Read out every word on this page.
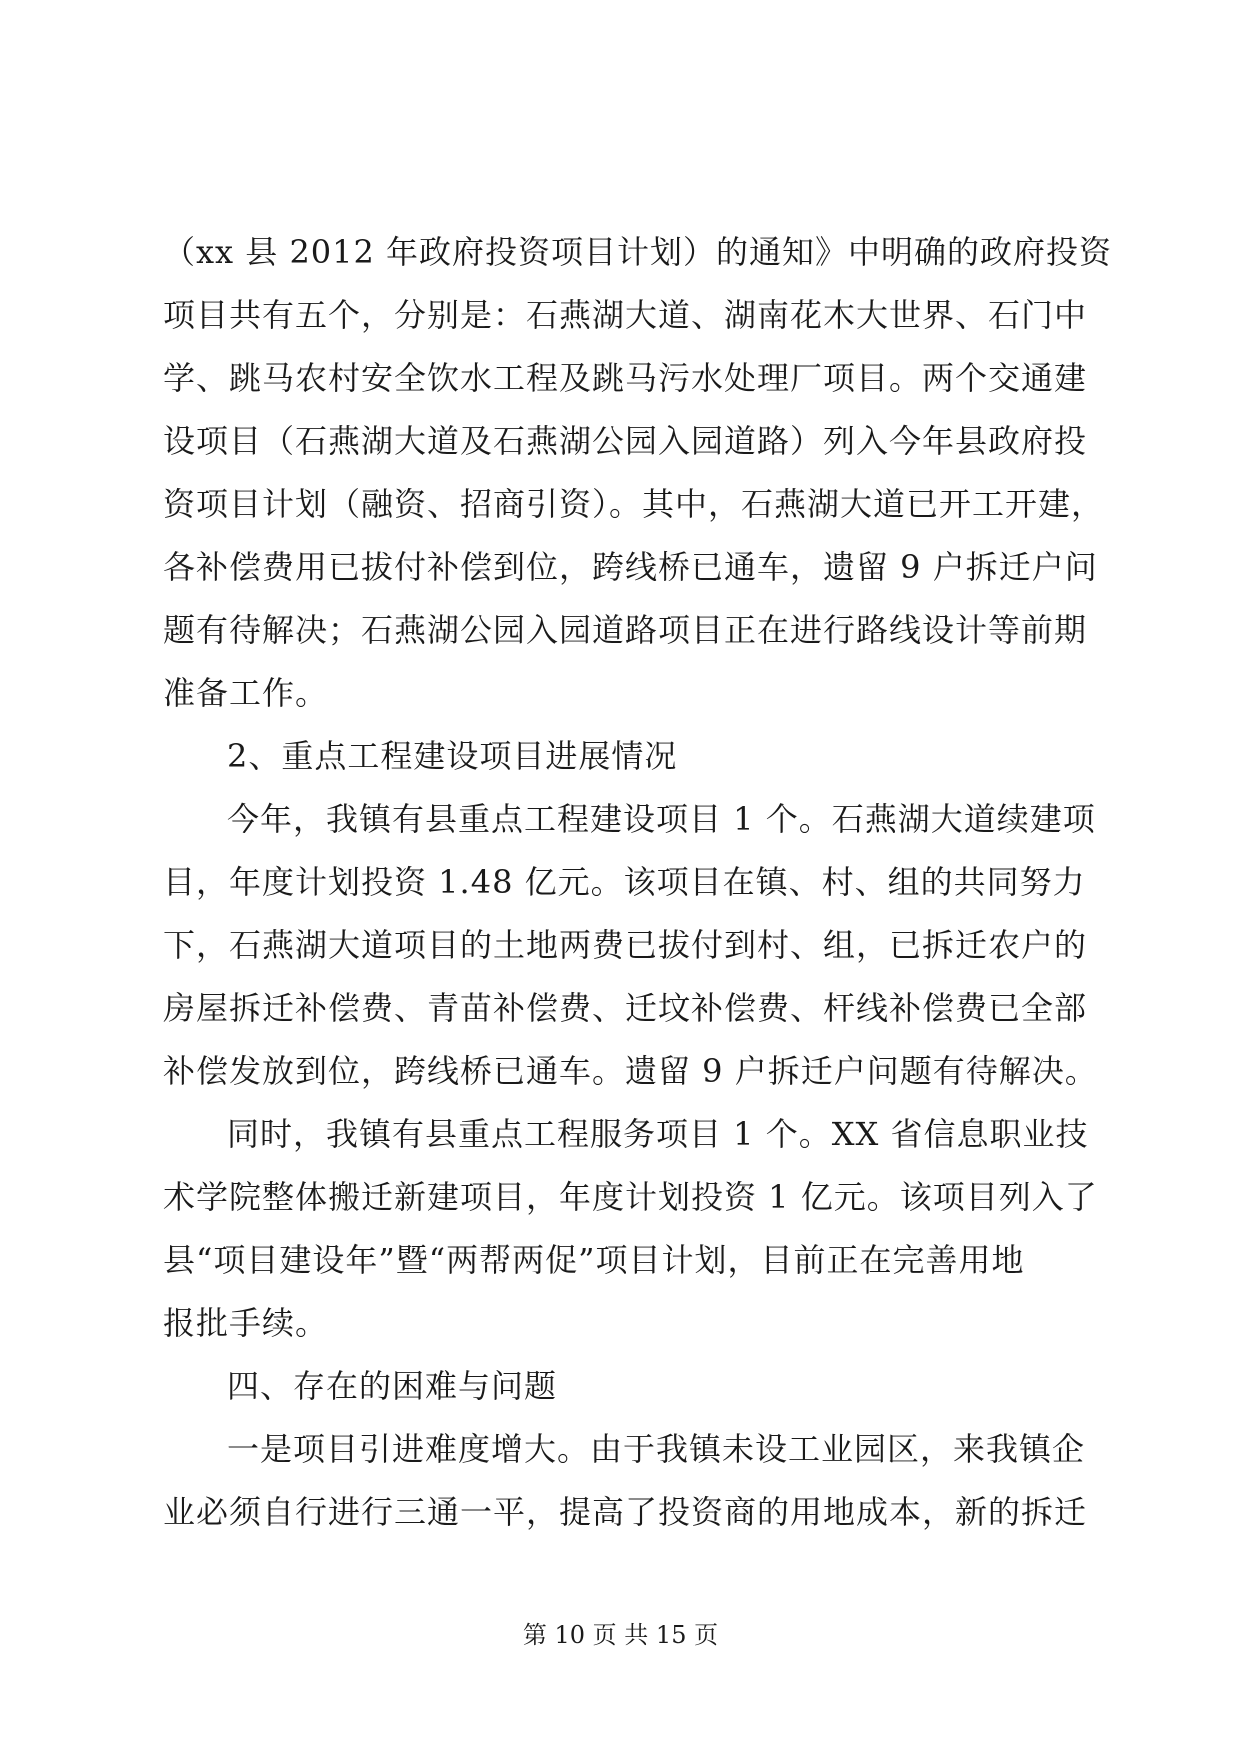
（xx 县 2012 年政府投资项目计划）的通知》中明确的政府投资
项目共有五个，分别是：石燕湖大道、湖南花木大世界、石门中
学、跳马农村安全饮水工程及跳马污水处理厂项目。两个交通建
设项目（石燕湖大道及石燕湖公园入园道路）列入今年县政府投
资项目计划（融资、招商引资）。其中，石燕湖大道已开工开建，
各补偿费用已拔付补偿到位，跨线桥已通车，遗留 9 户拆迁户问
题有待解决；石燕湖公园入园道路项目正在进行路线设计等前期
准备工作。
2、重点工程建设项目进展情况
今年，我镇有县重点工程建设项目 1 个。石燕湖大道续建项
目，年度计划投资 1.48 亿元。该项目在镇、村、组的共同努力
下，石燕湖大道项目的土地两费已拔付到村、组，已拆迁农户的
房屋拆迁补偿费、青苗补偿费、迁坟补偿费、杆线补偿费已全部
补偿发放到位，跨线桥已通车。遗留 9 户拆迁户问题有待解决。
同时，我镇有县重点工程服务项目 1 个。XX 省信息职业技
术学院整体搬迁新建项目，年度计划投资 1 亿元。该项目列入了
县“项目建设年”暨“两帮两促”项目计划，目前正在完善用地
报批手续。
四、存在的困难与问题
一是项目引进难度增大。由于我镇未设工业园区，来我镇企
业必须自行进行三通一平，提高了投资商的用地成本，新的拆迁
第 10 页 共 15 页
